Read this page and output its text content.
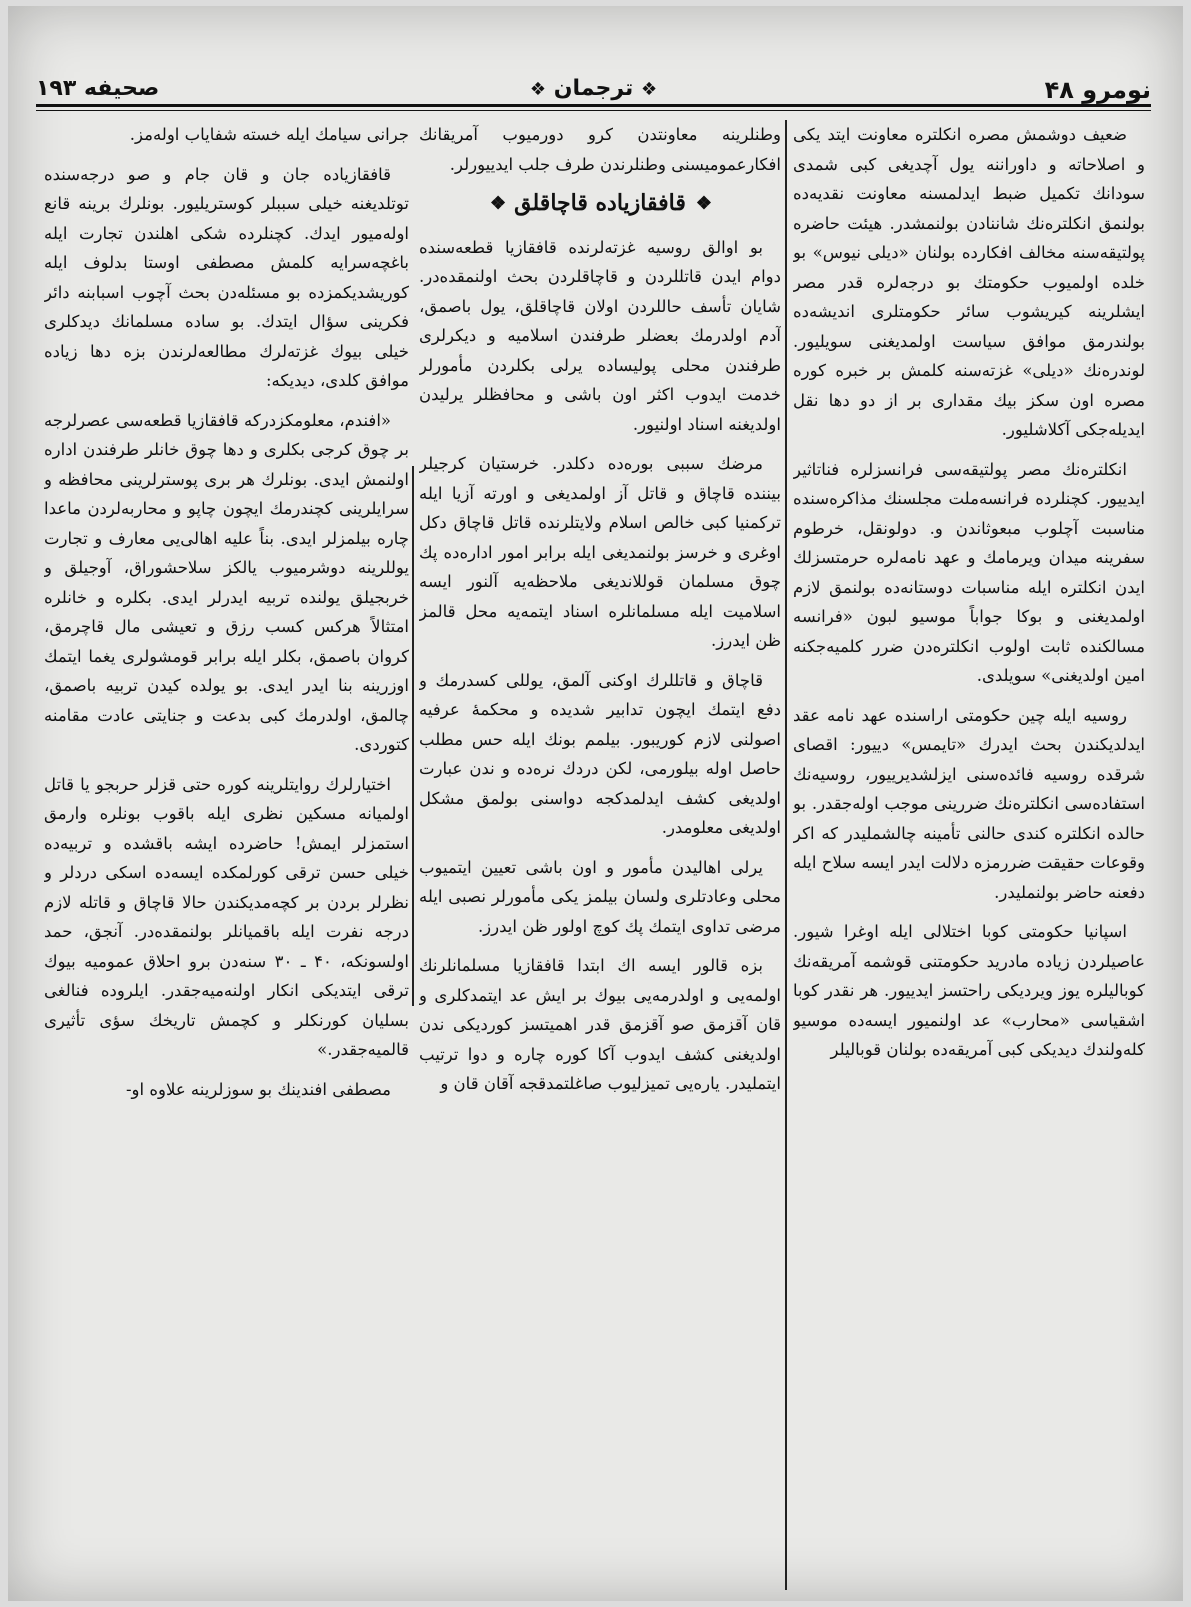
نومرو ۴۸
❖ ترجمان ❖
صحیفه ۱۹۳

ضعیف دوشمش مصره انکلتره معاونت ایتد یکی و اصلاحاته و داوراننه یول آچدیغی کبی شمدی سودانك تکمیل ضبط ایدلمسنه معاونت نقدیه‌ده بولنمق انکلترەنك شاننادن بولنمشدر. هیئت حاضره پولتیقەسنه مخالف افکارده بولنان «دیلی نیوس» بو خلده اولمیوب حکومتك بو درجەلره قدر مصر ایشلرینه کیریشوب سائر حکومتلری اندیشه‌ده بولندرمق موافق سیاست اولمدیغنی سویلیور. لوندرەنك «دیلی» غزته‌سنه کلمش بر خبره کوره مصره اون سکز بیك مقداری بر از دو دها نقل ایدیله‌جکی آکلاشلیور.

انکلترەنك مصر پولتیقەسی فرانسزلره فناتاثیر ایدییور. کچنلرده فرانسه‌ملت مجلسنك مذاکره‌سنده مناسبت آچلوب مبعوثاندن و. دولونقل، خرطوم سفرینه میدان ویرمامك و عهد نامه‌لره حرمتسزلك ایدن انکلتره ایله مناسبات دوستانه‌ده بولنمق لازم اولمدیغنی و بوکا جواباً موسیو لبون «فرانسه مسالکنده ثابت اولوب انکلترەدن ضرر کلمیه‌جکنه امین اولدیغنی» سویلدی.

روسیه ایله چین حکومتی اراسنده عهد نامه عقد ایدلدیکندن بحث ایدرك «تایمس» دییور: اقصای شرقده روسیه فائده‌سنی ایزلشدیرییور، روسیەنك استفاده‌سی انکلترەنك ضررینی موجب اوله‌جقدر. بو حالده انکلتره کندی حالنی تأمینه چالشملیدر که اکر وقوعات حقیقت ضررمزه دلالت ایدر ایسه سلاح ایله دفعنه حاضر بولنملیدر.

اسپانیا حکومتی کوبا اختلالی ایله اوغرا شیور. عاصیلردن زیاده مادرید حکومتنی قوشمه آمریقەنك کوبالیلره یوز ویردیکی راحتسز ایدییور. هر نقدر کوبا اشقیاسی «محارب» عد اولنمیور ایسه‌ده موسیو کله‌ولندك دیدیکی کبی آمریقه‌ده بولنان قوبالیلر

وطنلرینه معاونتدن کرو دورمیوب آمریقانك افکارعمومیسنی وطنلرندن طرف جلب ایدییورلر.

❖
قافقازیاده قاچاقلق
❖

بو اوالق روسیه غزته‌لرنده قافقازیا قطعه‌سنده دوام ایدن قاتللردن و قاچاقلردن بحث اولنمقده‌در. شایان تأسف حاللردن اولان قاچاقلق، یول باصمق، آدم اولدرمك بعضلر طرفندن اسلامیه و دیکرلری طرفندن محلی پولیساده یرلی بکلردن مأمورلر خدمت ایدوب اکثر اون باشی و محافظلر یرلیدن اولدیغنه اسناد اولنیور.

مرضك سببی بوره‌ده دکلدر. خرستیان کرجیلر بیننده قاچاق و قاتل آز اولمدیغی و اورته آزیا ایله ترکمنیا کبی خالص اسلام ولایتلرنده قاتل قاچاق دکل اوغری و خرسز بولنمدیغی ایله برابر امور اداره‌ده پك چوق مسلمان قوللاندیغی ملاحظه‌یه آلنور ایسه اسلامیت ایله مسلمانلره اسناد ایتمه‌یه محل قالمز ظن ایدرز.

قاچاق و قاتللرك اوکنی آلمق، یوللی کسدرمك و دفع ایتمك ایچون تدابیر شدیده و محکمهٔ عرفیه اصولنی لازم کوریبور. بیلمم بونك ایله حس مطلب حاصل اوله بیلورمی، لکن دردك نره‌ده و ندن عبارت اولدیغی کشف ایدلمدکجه دواسنی بولمق مشکل اولدیغی معلومدر.

یرلی اهالیدن مأمور و اون باشی تعیین ایتمیوب محلی وعادتلری ولسان بیلمز یکی مأمورلر نصبی ایله مرضی تداوی ایتمك پك کوچ اولور ظن ایدرز.

بزه قالور ایسه اك ابتدا قافقازیا مسلمانلرنك اولمه‌یی و اولدرمه‌یی بیوك بر ایش عد ایتمدکلری و قان آقزمق صو آقزمق قدر اهمیتسز کوردیکی ندن اولدیغنی کشف ایدوب آکا کوره چاره و دوا ترتیب ایتملیدر. یاره‌یی تمیزلیوب صاغلتمدقجه آقان قان و

جرانی سیامك ایله خسته شفایاب اوله‌مز.

قافقازیاده جان و قان جام و صو درجه‌سنده توتلدیغنه خیلی سببلر کوستریلیور. بونلرك برینه قانع اوله‌میور ایدك. کچنلرده شکی اهلندن تجارت ایله باغچه‌سرایه کلمش مصطفی اوستا بدلوف ایله کوریشدیکمزده بو مسئله‌دن بحث آچوب اسبابنه دائر فکرینی سؤال ایتدك. بو ساده مسلمانك دیدکلری خیلی بیوك غزته‌لرك مطالعه‌لرندن بزه دها زیاده موافق کلدی، دیدیکه:

«افندم، معلومکزدرکه قافقازیا قطعه‌سی عصرلرجه بر چوق کرجی بکلری و دها چوق خانلر طرفندن اداره اولنمش ایدی. بونلرك هر بری پوسترلرینی محافظه و سرایلرینی کچندرمك ایچون چاپو و محاربه‌لردن ماعدا چاره بیلمزلر ایدی. بناً علیه اهالی‌یی معارف و تجارت یوللرینه دوشرمیوب یالکز سلاحشوراق، آوجیلق و خربجیلق یولنده تربیه ایدرلر ایدی. بکلره و خانلره امتثالاً هرکس کسب رزق و تعیشی مال قاچرمق، کروان باصمق، بکلر ایله برابر قومشولری یغما ایتمك اوزرینه بنا ایدر ایدی. بو یولده کیدن تربیه باصمق، چالمق، اولدرمك کبی بدعت و جنایتی عادت مقامنه کتوردی.

اختیارلرك روایتلرینه کوره حتی قزلر حربجو یا قاتل اولمیانه مسکین نظری ایله باقوب بونلره وارمق استمزلر ایمش! حاضرده ایشه باقشده و تربیه‌ده خیلی حسن ترقی کورلمکده ایسه‌ده اسکی دردلر و نظرلر بردن بر کچه‌مدیکندن حالا قاچاق و قاتله لازم درجه نفرت ایله باقمیانلر بولنمقده‌در. آنجق، حمد اولسونکه، ۴۰ ـ ۳۰ سنه‌دن برو احلاق عمومیه بیوك ترقی ایتدیکی انکار اولنه‌میه‌جقدر. ایلروده فنالغی بسلیان کورنکلر و کچمش تاریخك سؤی تأثیری قالمیه‌جقدر.»

مصطفی افندینك بو سوزلرینه علاوه او-
